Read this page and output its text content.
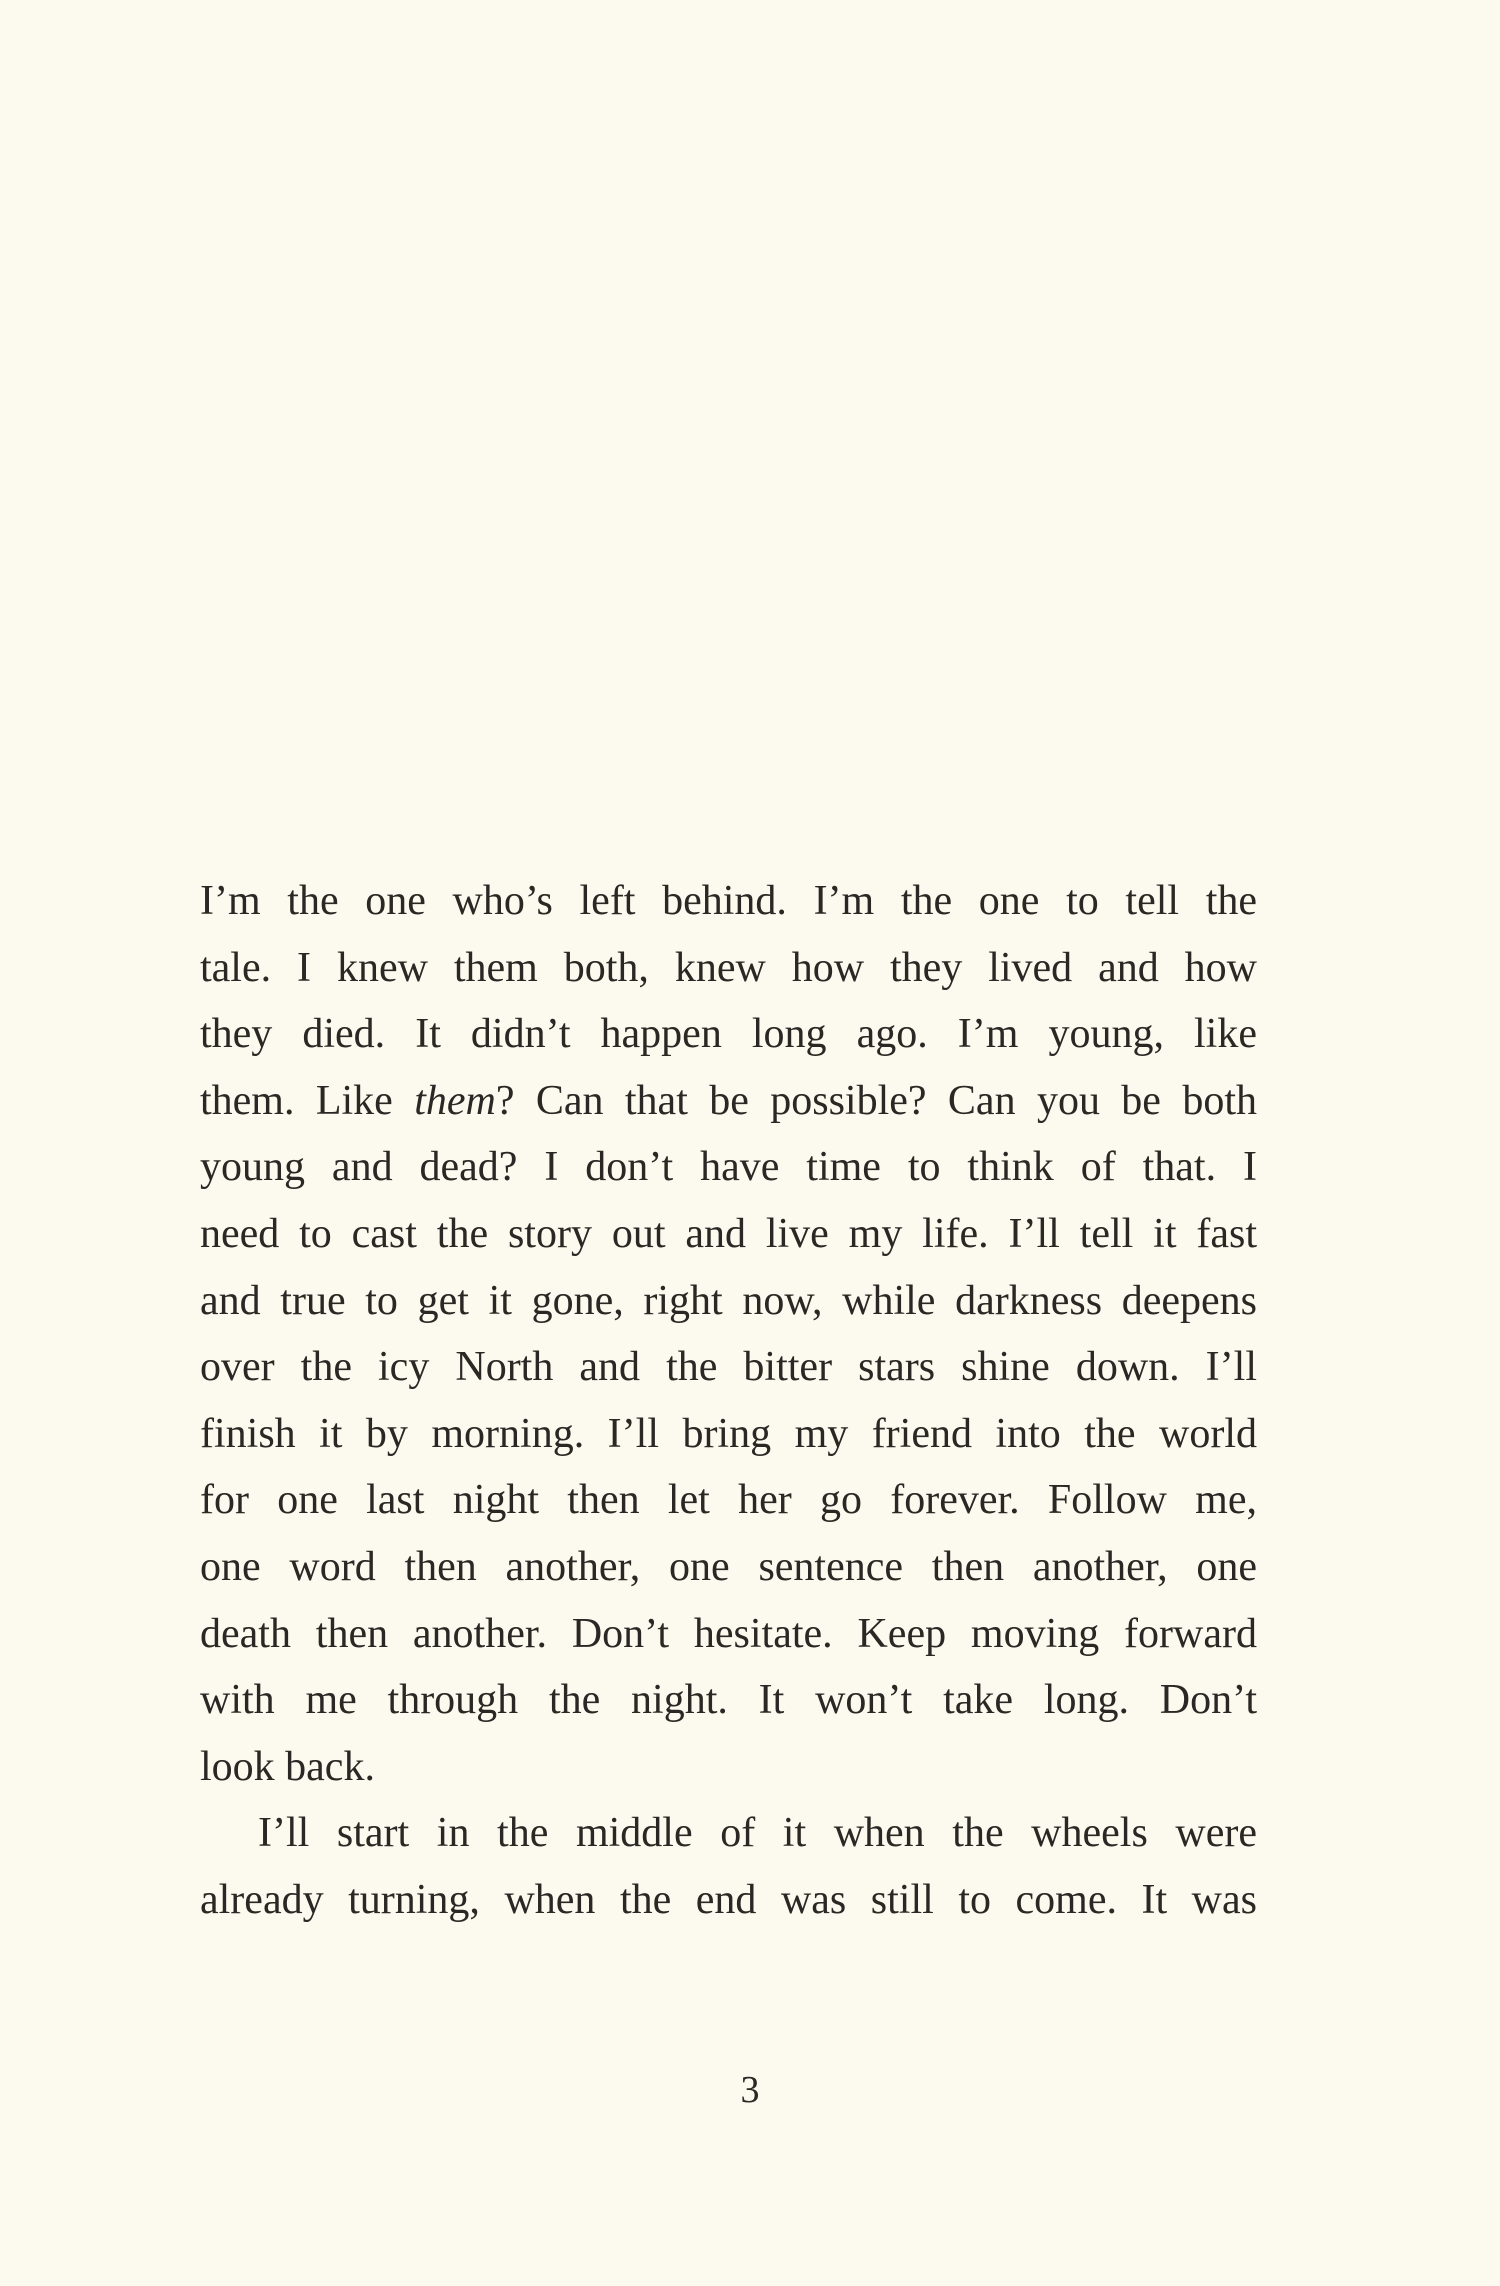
I’m the one who’s left behind. I’m the one to tell the
tale. I knew them both, knew how they lived and how
they died. It didn’t happen long ago. I’m young, like
them. Like them? Can that be possible? Can you be both
young and dead? I don’t have time to think of that. I
need to cast the story out and live my life. I’ll tell it fast
and true to get it gone, right now, while darkness deepens
over the icy North and the bitter stars shine down. I’ll
finish it by morning. I’ll bring my friend into the world
for one last night then let her go forever. Follow me,
one word then another, one sentence then another, one
death then another. Don’t hesitate. Keep moving forward
with me through the night. It won’t take long. Don’t
look back.
I’ll start in the middle of it when the wheels were
already turning, when the end was still to come. It was
3
